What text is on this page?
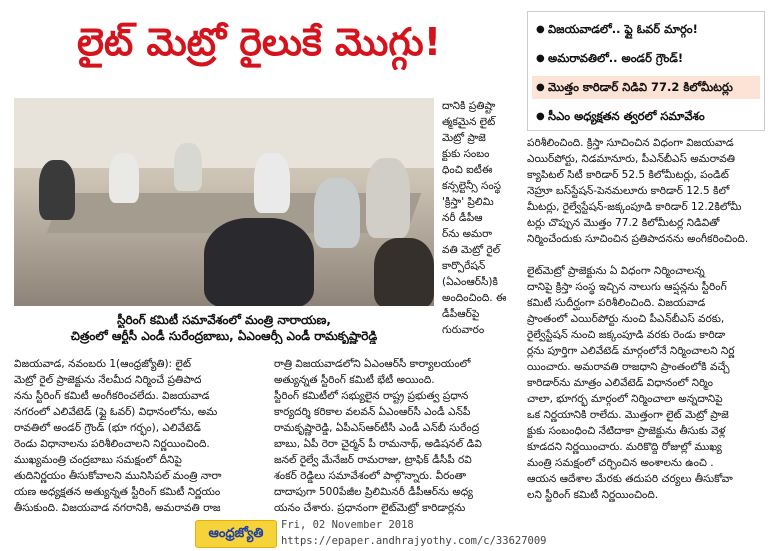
లైట్ మెట్రో రైలుకే మొగ్గు!
●	విజయవాడలో.. ఫ్లై ఓవర్ మార్గం!
● అమరావతిలో.. అండర్ గ్రౌండ్!
● మొత్తం కారిడార్ నిడివి 77.2 కిలోమీటర్లు
● సీఎం అధ్యక్షతన త్వరలో సమావేశం
స్టీరింగ్ కమిటీ సమావేశంలో మంత్రి నారాయణ,
చిత్రంలో ఆర్టీసీ ఎండీ సురేంద్రబాబు, ఏఎంఆర్సీ ఎండీ రామకృష్ణారెడ్డి
దానికి ప్రతిష్టా
త్మకమైన లైట్
మెట్రో ప్రాజె
క్టుకు సంబం
ధించి ఐటీఈ
కన్సల్టెన్సీ సంస్థ
'క్రిస్తా' ప్రిలిమి
నరీ డీపీఆ
ర్‌ను అమరా
వతి మెట్రో రైల్
కార్పొరేషన్
(ఏఎంఆర్‌సీ)కి
అందించింది. ఈ
డీపీఆర్‌పై
గురువారం
పరిశీలించింది. క్రిస్తా సూచించిన విధంగా విజయవాడ
ఎయిర్‌పోర్టు, నిడమానూరు, పీఎన్‌బీఎస్ అమరావతి
క్యాపిటల్ సిటీ కారిడార్ 52.5 కిలోమీటర్లు, పండిట్
నెహ్రూ బస్‌స్టేషన్-పెనమలూరు కారిడార్ 12.5 కిలో
మీటర్లు, రైల్వేస్టేషన్-జక్కంపూడి కారిడార్ 12.2కిలోమీ
టర్లు చొప్పున మొత్తం 77.2 కిలోమీటర్ల నిడివితో
నిర్మించేందుకు సూచించిన ప్రతిపాదనను అంగీకరించింది.
లైట్‌మెట్రో ప్రాజెక్టును ఏ విధంగా నిర్మించాలన్న
దానిపై క్రిస్తా సంస్థ ఇచ్చిన నాలుగు ఆప్షన్లను స్టీరింగ్
కమిటీ సుదీర్ఘంగా పరిశీలించింది. విజయవాడ
ప్రాంతంలో ఎయిర్‌పోర్టు నుంచి పీఎన్‌బీఎస్ వరకు,
రైల్వేస్టేషన్ నుంచి జక్కంపూడి వరకు రెండు కారిడా
ర్లను పూర్తిగా ఎలివేటెడ్ మార్గంలోనే నిర్మించాలని నిర్ణ
యించారు. అమరావతి రాజధాని ప్రాంతంలోకి వచ్చే
కారిడార్‌ను మాత్రం ఎలివేటెడ్ విధానంలో నిర్మిం
చాలా, భూగర్భ మార్గంలో నిర్మించాలా అన్నదానిపై
ఒక నిర్ణయానికి రాలేదు. మొత్తంగా లైట్ మెట్రో ప్రాజె
క్టుకు సంబంధించి నేటిదాకా ప్రాజెక్టును తీసుకు వెళ్ల
కూడదని నిర్ణయించారు. మరికొద్ది రోజుల్లో ముఖ్య
మంత్రి సమక్షంలో చర్చించిన అంశాలను ఉంచి .
ఆయన ఆదేశాల మేరకు తదుపరి చర్యలు తీసుకోవా
లని స్టీరింగ్ కమిటీ నిర్ణయించింది.
విజయవాడ, నవంబరు 1(ఆంధ్రజ్యోతి): లైట్
మెట్రో రైల్ ప్రాజెక్టును నేలమీద నిర్మించే ప్రతిపాద
నను స్టీరింగ్ కమిటీ అంగీకరించలేదు. విజయవాడ
నగరంలో ఎలివేటెడ్ (ఫ్లై ఓవర్) విధానంలోను, అమ
రావతిలో అండర్ గ్రౌండ్ (భూ గర్భం), ఎలివేటెడ్
రెండు విధానాలను పరిశీలించాలని నిర్ణయించింది.
ముఖ్యమంత్రి చంద్రబాబు సమక్షంలో దీనిపై
తుదినిర్ణయం తీసుకోవాలని మునిసిపల్ మంత్రి నారా
యణ అధ్యక్షతన అత్యున్నత స్టీరింగ్ కమిటీ నిర్ణయం
తీసుకుంది. విజయవాడ నగరానికి, అమరావతి రాజ
రాత్రి విజయవాడలోని ఏఎంఆర్‌సీ కార్యాలయంలో
అత్యున్నత స్టీరింగ్ కమిటీ భేటీ అయింది.
స్టీరింగ్ కమిటీలో సభ్యులైన రాష్ట్ర ప్రభుత్వ ప్రధాన
కార్యదర్శి కరికాల వలవన్ ఏఎంఆర్‌సీ ఎండీ ఎన్‌పీ
రామకృష్ణారెడ్డి, ఏపీఎస్‌ఆర్‌టీసీ ఎండీ ఎన్‌బీ సురేంద్ర
బాబు, ఏపీ రెరా చైర్మన్ పీ రామనాథ్, అడిషనల్ డివి
జనల్ రైల్వే మేనేజర్ రామరాజు, ట్రాఫిక్ డీసీపీ రవి
శంకర్ రెడ్డిలు సమావేశంలో పాల్గొన్నారు. వీరంతా
దాదాపుగా 500పేజీల ప్రిలిమినరీ డీపీఆర్‌ను అధ్య
యనం చేశారు. ప్రధానంగా లైట్‌మెట్రో కారిడార్లను
ఆంధ్రజ్యోతి
Fri, 02 November 2018
https://epaper.andhrajyothy.com/c/33627009
